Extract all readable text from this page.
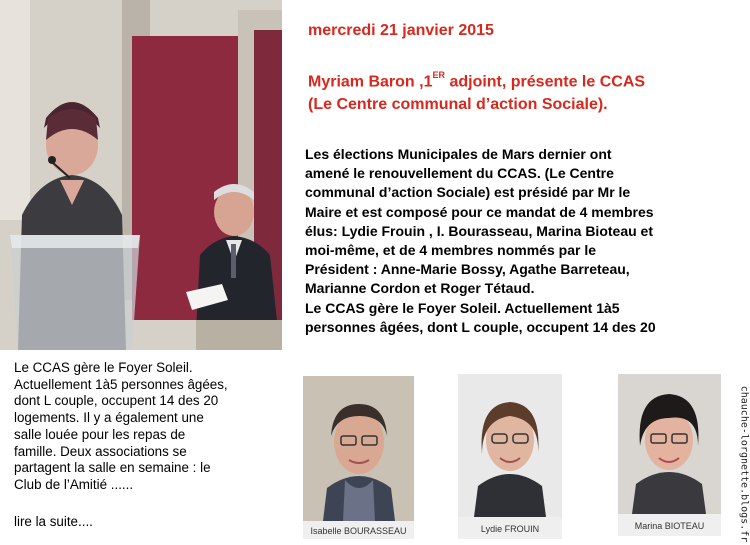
mercredi 21 janvier 2015

Myriam Baron ,1ER adjoint, présente le CCAS
(Le Centre communal d’action Sociale).

Les élections Municipales de Mars dernier ont
amené le renouvellement du CCAS. (Le Centre
communal d’action Sociale) est présidé par Mr le
Maire et est composé pour ce mandat de 4 membres
élus: Lydie Frouin , I. Bourasseau, Marina Bioteau et
moi-même, et de 4 membres nommés par le
Président : Anne-Marie Bossy, Agathe Barreteau,
Marianne Cordon et Roger Tétaud.
Le CCAS gère le Foyer Soleil. Actuellement 1à5
personnes âgées, dont L couple, occupent 14 des 20

Le CCAS gère le Foyer Soleil.
Actuellement 1à5 personnes âgées,
dont L couple, occupent 14 des 20
logements. Il y a également une
salle louée pour les repas de
famille. Deux associations se
partagent la salle en semaine : le
Club de l’Amitié ......

lire la suite....

Isabelle BOURASSEAU	Lydie FROUIN	Marina BIOTEAU	chauche-lorgnette.blogs.fr
